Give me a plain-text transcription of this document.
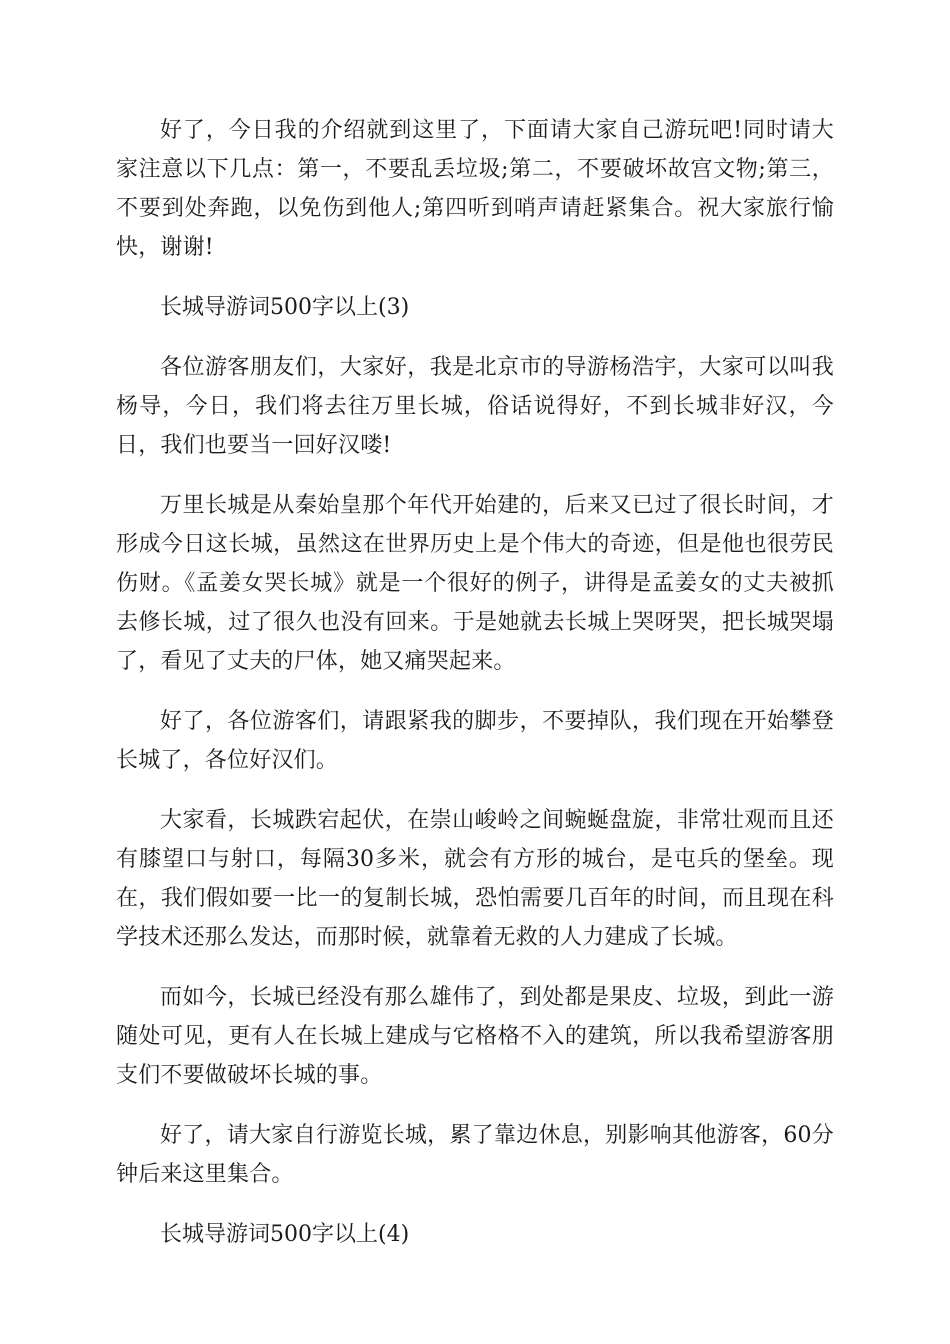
好了，今日我的介绍就到这里了，下面请大家自己游玩吧!同时请大家注意以下几点：第一，不要乱丢垃圾;第二，不要破坏故宫文物;第三，不要到处奔跑，以免伤到他人;第四听到哨声请赶紧集合。祝大家旅行愉快，谢谢!

长城导游词500字以上(3)

各位游客朋友们，大家好，我是北京市的导游杨浩宇，大家可以叫我杨导，今日，我们将去往万里长城，俗话说得好，不到长城非好汉，今日，我们也要当一回好汉喽!

万里长城是从秦始皇那个年代开始建的，后来又已过了很长时间，才形成今日这长城，虽然这在世界历史上是个伟大的奇迹，但是他也很劳民伤财。《孟姜女哭长城》就是一个很好的例子，讲得是孟姜女的丈夫被抓去修长城，过了很久也没有回来。于是她就去长城上哭呀哭，把长城哭塌了，看见了丈夫的尸体，她又痛哭起来。

好了，各位游客们，请跟紧我的脚步，不要掉队，我们现在开始攀登长城了，各位好汉们。

大家看，长城跌宕起伏，在崇山峻岭之间蜿蜒盘旋，非常壮观而且还有膝望口与射口，每隔30多米，就会有方形的城台，是屯兵的堡垒。现在，我们假如要一比一的复制长城，恐怕需要几百年的时间，而且现在科学技术还那么发达，而那时候，就靠着无救的人力建成了长城。

而如今，长城已经没有那么雄伟了，到处都是果皮、垃圾，到此一游随处可见，更有人在长城上建成与它格格不入的建筑，所以我希望游客朋支们不要做破坏长城的事。

好了，请大家自行游览长城，累了靠边休息，别影响其他游客，60分钟后来这里集合。

长城导游词500字以上(4)
